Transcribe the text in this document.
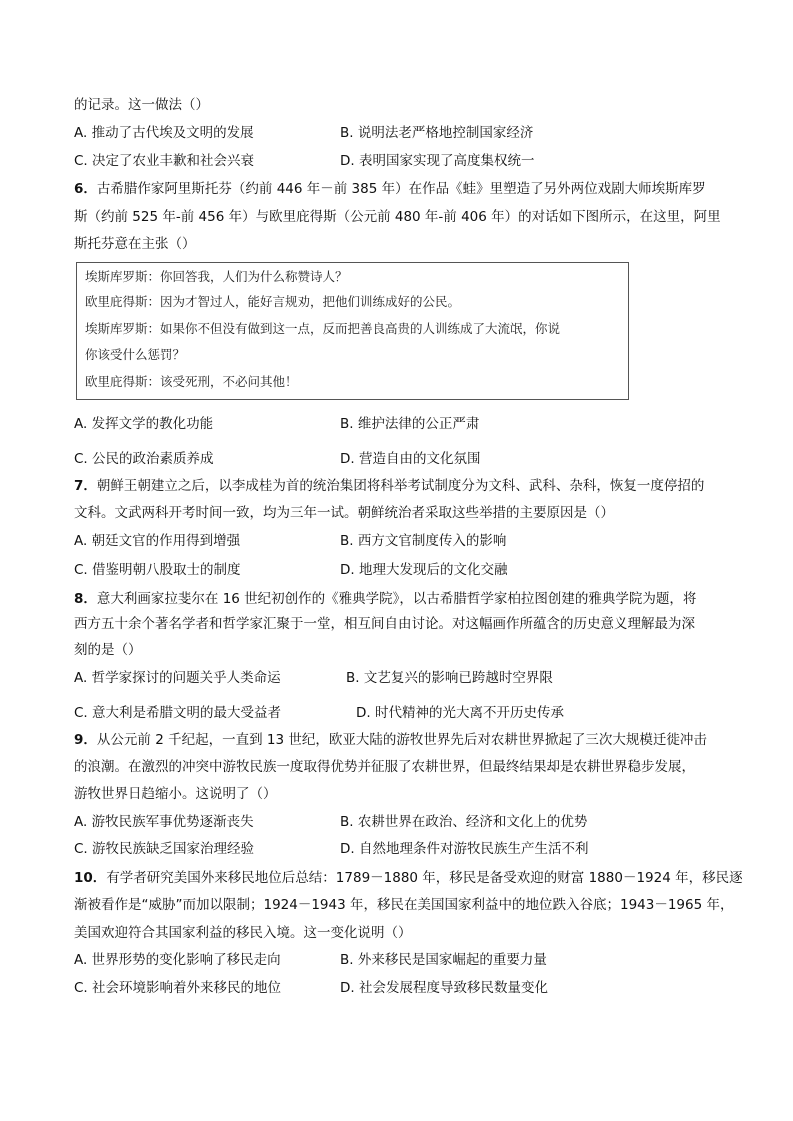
的记录。这一做法（）
A. 推动了古代埃及文明的发展	B. 说明法老严格地控制国家经济
C. 决定了农业丰歉和社会兴衰	D. 表明国家实现了高度集权统一
6．古希腊作家阿里斯托芬（约前 446 年－前 385 年）在作品《蛙》里塑造了另外两位戏剧大师埃斯库罗
斯（约前 525 年-前 456 年）与欧里庇得斯（公元前 480 年-前 406 年）的对话如下图所示，在这里，阿里
斯托芬意在主张（）
埃斯库罗斯：你回答我，人们为什么称赞诗人？
欧里庇得斯：因为才智过人，能好言规劝，把他们训练成好的公民。
埃斯库罗斯：如果你不但没有做到这一点，反而把善良高贵的人训练成了大流氓，你说
你该受什么惩罚？
欧里庇得斯：该受死刑，不必问其他！
A. 发挥文学的教化功能	B. 维护法律的公正严肃
C. 公民的政治素质养成	D. 营造自由的文化氛围
7．朝鲜王朝建立之后，以李成桂为首的统治集团将科举考试制度分为文科、武科、杂科，恢复一度停招的
文科。文武两科开考时间一致，均为三年一试。朝鲜统治者采取这些举措的主要原因是（）
A. 朝廷文官的作用得到增强	B. 西方文官制度传入的影响
C. 借鉴明朝八股取士的制度	D. 地理大发现后的文化交融
8．意大利画家拉斐尔在 16 世纪初创作的《雅典学院》，以古希腊哲学家柏拉图创建的雅典学院为题，将
西方五十余个著名学者和哲学家汇聚于一堂，相互间自由讨论。对这幅画作所蕴含的历史意义理解最为深
刻的是（）
A. 哲学家探讨的问题关乎人类命运	B. 文艺复兴的影响已跨越时空界限
C. 意大利是希腊文明的最大受益者	D. 时代精神的光大离不开历史传承
9．从公元前 2 千纪起，一直到 13 世纪，欧亚大陆的游牧世界先后对农耕世界掀起了三次大规模迁徙冲击
的浪潮。在激烈的冲突中游牧民族一度取得优势并征服了农耕世界，但最终结果却是农耕世界稳步发展，
游牧世界日趋缩小。这说明了（）
A. 游牧民族军事优势逐渐丧失	B. 农耕世界在政治、经济和文化上的优势
C. 游牧民族缺乏国家治理经验	D. 自然地理条件对游牧民族生产生活不利
10．有学者研究美国外来移民地位后总结：1789－1880 年，移民是备受欢迎的财富 1880－1924 年，移民逐
渐被看作是“威胁”而加以限制；1924－1943 年，移民在美国国家利益中的地位跌入谷底；1943－1965 年，
美国欢迎符合其国家利益的移民入境。这一变化说明（）
A. 世界形势的变化影响了移民走向	B. 外来移民是国家崛起的重要力量
C. 社会环境影响着外来移民的地位	D. 社会发展程度导致移民数量变化
